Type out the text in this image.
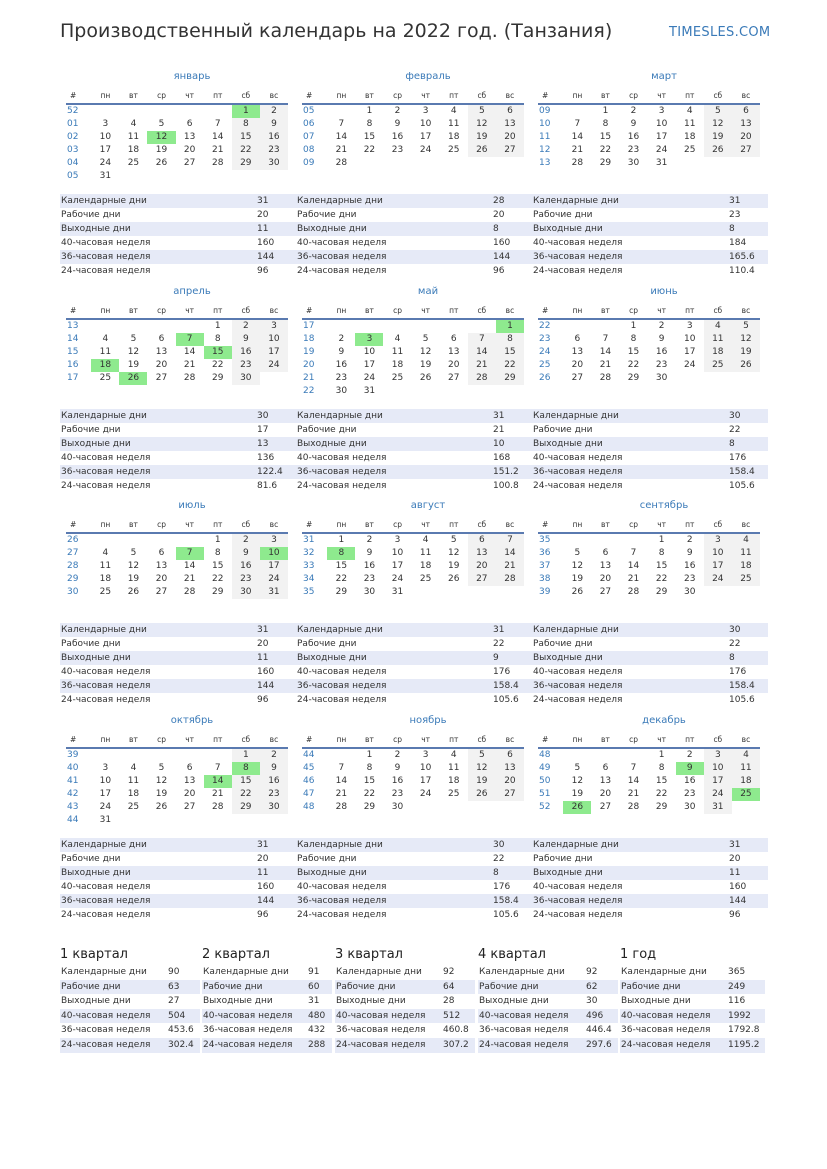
Производственный календарь на 2022 год. (Танзания)	TIMESLES.COM
январь
#	пн	вт	ср	чт	пт	сб	вс
52						1	2
01	3	4	5	6	7	8	9
02	10	11	12	13	14	15	16
03	17	18	19	20	21	22	23
04	24	25	26	27	28	29	30
05	31						
Календарные дни	31
Рабочие дни	20
Выходные дни	11
40-часовая неделя	160
36-часовая неделя	144
24-часовая неделя	96
февраль
#	пн	вт	ср	чт	пт	сб	вс
05		1	2	3	4	5	6
06	7	8	9	10	11	12	13
07	14	15	16	17	18	19	20
08	21	22	23	24	25	26	27
09	28						
Календарные дни	28
Рабочие дни	20
Выходные дни	8
40-часовая неделя	160
36-часовая неделя	144
24-часовая неделя	96
март
#	пн	вт	ср	чт	пт	сб	вс
09		1	2	3	4	5	6
10	7	8	9	10	11	12	13
11	14	15	16	17	18	19	20
12	21	22	23	24	25	26	27
13	28	29	30	31			
Календарные дни	31
Рабочие дни	23
Выходные дни	8
40-часовая неделя	184
36-часовая неделя	165.6
24-часовая неделя	110.4
апрель
#	пн	вт	ср	чт	пт	сб	вс
13					1	2	3
14	4	5	6	7	8	9	10
15	11	12	13	14	15	16	17
16	18	19	20	21	22	23	24
17	25	26	27	28	29	30	
Календарные дни	30
Рабочие дни	17
Выходные дни	13
40-часовая неделя	136
36-часовая неделя	122.4
24-часовая неделя	81.6
май
#	пн	вт	ср	чт	пт	сб	вс
17							1
18	2	3	4	5	6	7	8
19	9	10	11	12	13	14	15
20	16	17	18	19	20	21	22
21	23	24	25	26	27	28	29
22	30	31					
Календарные дни	31
Рабочие дни	21
Выходные дни	10
40-часовая неделя	168
36-часовая неделя	151.2
24-часовая неделя	100.8
июнь
#	пн	вт	ср	чт	пт	сб	вс
22			1	2	3	4	5
23	6	7	8	9	10	11	12
24	13	14	15	16	17	18	19
25	20	21	22	23	24	25	26
26	27	28	29	30			
Календарные дни	30
Рабочие дни	22
Выходные дни	8
40-часовая неделя	176
36-часовая неделя	158.4
24-часовая неделя	105.6
июль
#	пн	вт	ср	чт	пт	сб	вс
26					1	2	3
27	4	5	6	7	8	9	10
28	11	12	13	14	15	16	17
29	18	19	20	21	22	23	24
30	25	26	27	28	29	30	31
Календарные дни	31
Рабочие дни	20
Выходные дни	11
40-часовая неделя	160
36-часовая неделя	144
24-часовая неделя	96
август
#	пн	вт	ср	чт	пт	сб	вс
31	1	2	3	4	5	6	7
32	8	9	10	11	12	13	14
33	15	16	17	18	19	20	21
34	22	23	24	25	26	27	28
35	29	30	31				
Календарные дни	31
Рабочие дни	22
Выходные дни	9
40-часовая неделя	176
36-часовая неделя	158.4
24-часовая неделя	105.6
сентябрь
#	пн	вт	ср	чт	пт	сб	вс
35				1	2	3	4
36	5	6	7	8	9	10	11
37	12	13	14	15	16	17	18
38	19	20	21	22	23	24	25
39	26	27	28	29	30		
Календарные дни	30
Рабочие дни	22
Выходные дни	8
40-часовая неделя	176
36-часовая неделя	158.4
24-часовая неделя	105.6
октябрь
#	пн	вт	ср	чт	пт	сб	вс
39						1	2
40	3	4	5	6	7	8	9
41	10	11	12	13	14	15	16
42	17	18	19	20	21	22	23
43	24	25	26	27	28	29	30
44	31						
Календарные дни	31
Рабочие дни	20
Выходные дни	11
40-часовая неделя	160
36-часовая неделя	144
24-часовая неделя	96
ноябрь
#	пн	вт	ср	чт	пт	сб	вс
44		1	2	3	4	5	6
45	7	8	9	10	11	12	13
46	14	15	16	17	18	19	20
47	21	22	23	24	25	26	27
48	28	29	30				
Календарные дни	30
Рабочие дни	22
Выходные дни	8
40-часовая неделя	176
36-часовая неделя	158.4
24-часовая неделя	105.6
декабрь
#	пн	вт	ср	чт	пт	сб	вс
48				1	2	3	4
49	5	6	7	8	9	10	11
50	12	13	14	15	16	17	18
51	19	20	21	22	23	24	25
52	26	27	28	29	30	31	
Календарные дни	31
Рабочие дни	20
Выходные дни	11
40-часовая неделя	160
36-часовая неделя	144
24-часовая неделя	96
1 квартал
Календарные дни 90
Рабочие дни	63
Выходные дни	27
40-часовая неделя 504
36-часовая неделя 453.6
24-часовая неделя 302.4
2 квартал
Календарные дни 91
Рабочие дни	60
Выходные дни	31
40-часовая неделя 480
36-часовая неделя 432
24-часовая неделя 288
3 квартал
Календарные дни 92
Рабочие дни	64
Выходные дни	28
40-часовая неделя 512
36-часовая неделя 460.8
24-часовая неделя 307.2
4 квартал
Календарные дни 92
Рабочие дни	62
Выходные дни	30
40-часовая неделя 496
36-часовая неделя 446.4
24-часовая неделя 297.6
1 год
Календарные дни 365
Рабочие дни	249
Выходные дни	116
40-часовая неделя 1992
36-часовая неделя 1792.8
24-часовая неделя 1195.2
